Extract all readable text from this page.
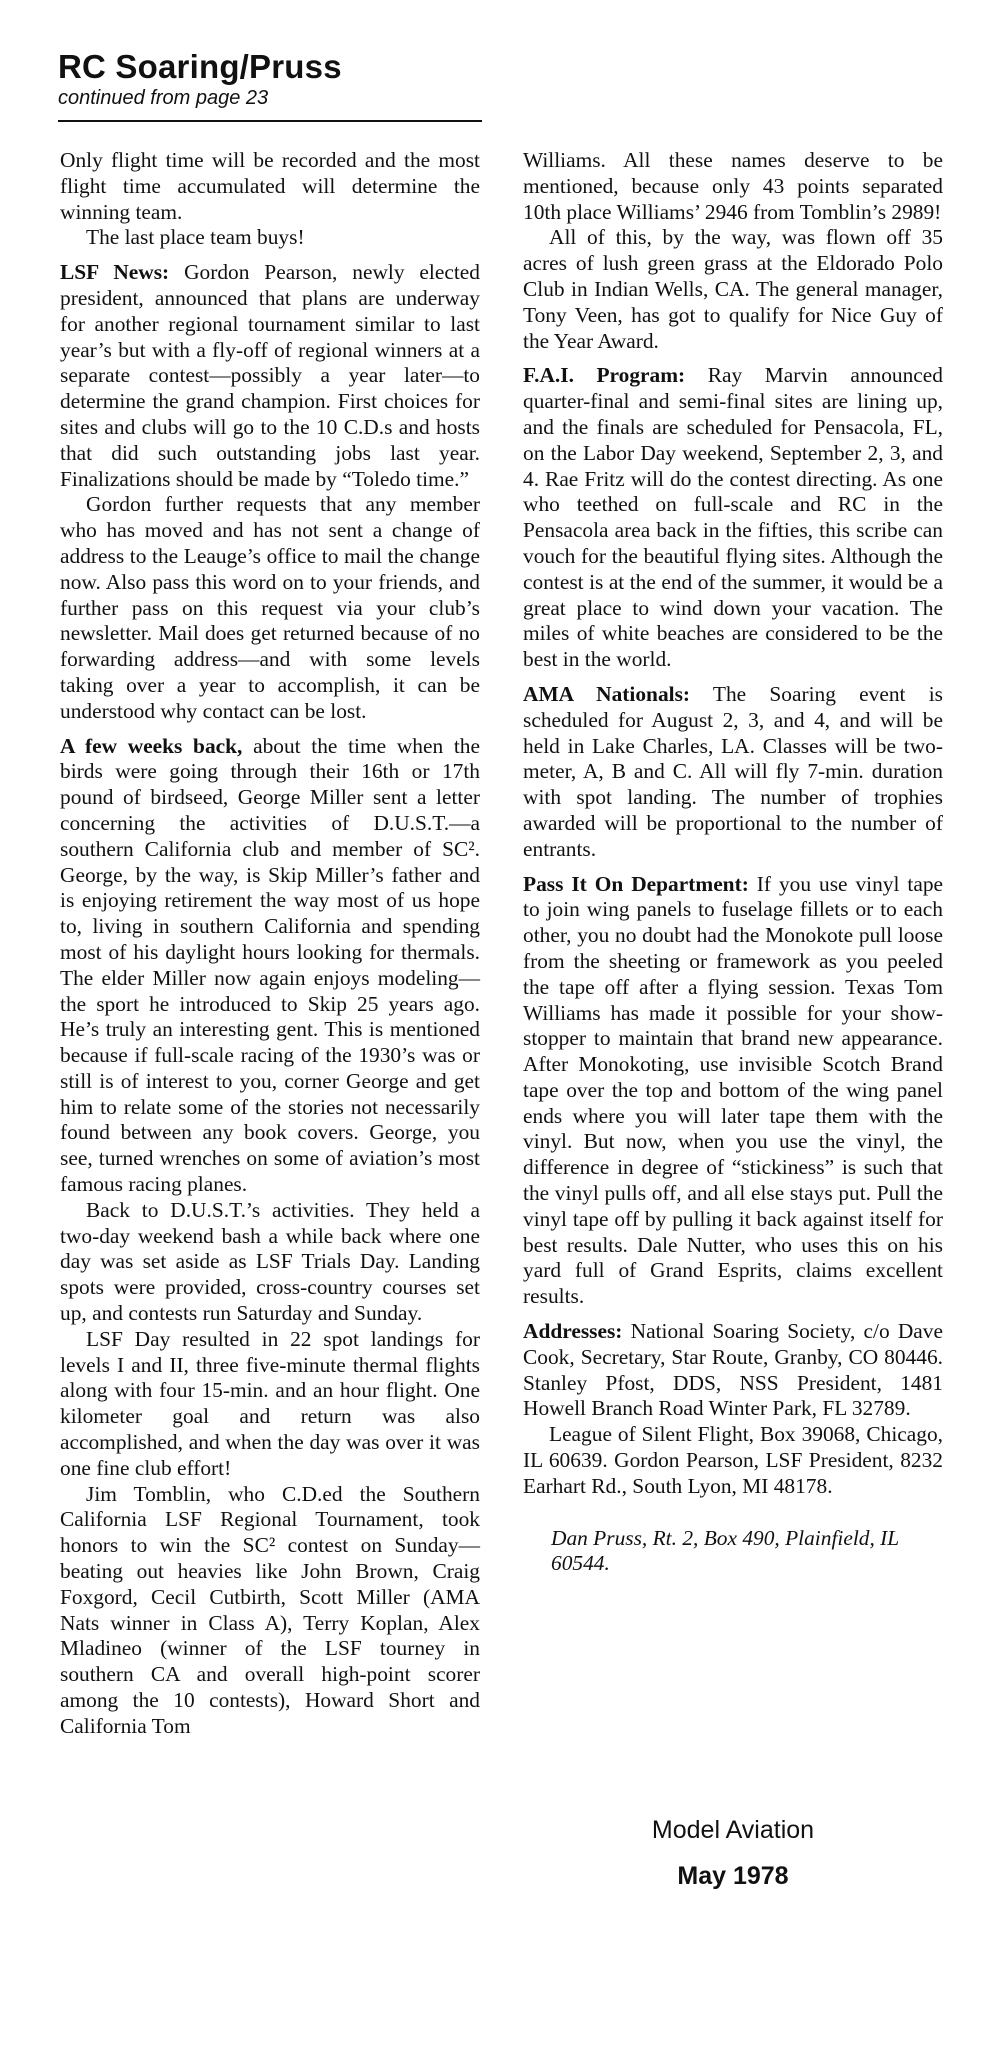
RC Soaring/Pruss
continued from page 23

Only flight time will be recorded and the most flight time accumulated will determine the winning team.

The last place team buys!

LSF News: Gordon Pearson, newly elected president, announced that plans are underway for another regional tournament similar to last year’s but with a fly-off of regional winners at a separate contest—possibly a year later—to determine the grand champion. First choices for sites and clubs will go to the 10 C.D.s and hosts that did such outstanding jobs last year. Finalizations should be made by “Toledo time.”

Gordon further requests that any member who has moved and has not sent a change of address to the Leauge’s office to mail the change now. Also pass this word on to your friends, and further pass on this request via your club’s newsletter. Mail does get returned because of no forwarding address—and with some levels taking over a year to accomplish, it can be understood why contact can be lost.

A few weeks back, about the time when the birds were going through their 16th or 17th pound of birdseed, George Miller sent a letter concerning the activities of D.U.S.T.—a southern California club and member of SC². George, by the way, is Skip Miller’s father and is enjoying retirement the way most of us hope to, living in southern California and spending most of his daylight hours looking for thermals. The elder Miller now again enjoys modeling—the sport he introduced to Skip 25 years ago. He’s truly an interesting gent. This is mentioned because if full-scale racing of the 1930’s was or still is of interest to you, corner George and get him to relate some of the stories not necessarily found between any book covers. George, you see, turned wrenches on some of aviation’s most famous racing planes.

Back to D.U.S.T.’s activities. They held a two-day weekend bash a while back where one day was set aside as LSF Trials Day. Landing spots were provided, cross-country courses set up, and contests run Saturday and Sunday.

LSF Day resulted in 22 spot landings for levels I and II, three five-minute thermal flights along with four 15-min. and an hour flight. One kilometer goal and return was also accomplished, and when the day was over it was one fine club effort!

Jim Tomblin, who C.D.ed the Southern California LSF Regional Tournament, took honors to win the SC² contest on Sunday—beating out heavies like John Brown, Craig Foxgord, Cecil Cutbirth, Scott Miller (AMA Nats winner in Class A), Terry Koplan, Alex Mladineo (winner of the LSF tourney in southern CA and overall high-point scorer among the 10 contests), Howard Short and California Tom

Williams. All these names deserve to be mentioned, because only 43 points separated 10th place Williams’ 2946 from Tomblin’s 2989!

All of this, by the way, was flown off 35 acres of lush green grass at the Eldorado Polo Club in Indian Wells, CA. The general manager, Tony Veen, has got to qualify for Nice Guy of the Year Award.

F.A.I. Program: Ray Marvin announced quarter-final and semi-final sites are lining up, and the finals are scheduled for Pensacola, FL, on the Labor Day weekend, September 2, 3, and 4. Rae Fritz will do the contest directing. As one who teethed on full-scale and RC in the Pensacola area back in the fifties, this scribe can vouch for the beautiful flying sites. Although the contest is at the end of the summer, it would be a great place to wind down your vacation. The miles of white beaches are considered to be the best in the world.

AMA Nationals: The Soaring event is scheduled for August 2, 3, and 4, and will be held in Lake Charles, LA. Classes will be two-meter, A, B and C. All will fly 7-min. duration with spot landing. The number of trophies awarded will be proportional to the number of entrants.

Pass It On Department: If you use vinyl tape to join wing panels to fuselage fillets or to each other, you no doubt had the Monokote pull loose from the sheeting or framework as you peeled the tape off after a flying session. Texas Tom Williams has made it possible for your show-stopper to maintain that brand new appearance. After Monokoting, use invisible Scotch Brand tape over the top and bottom of the wing panel ends where you will later tape them with the vinyl. But now, when you use the vinyl, the difference in degree of “stickiness” is such that the vinyl pulls off, and all else stays put. Pull the vinyl tape off by pulling it back against itself for best results. Dale Nutter, who uses this on his yard full of Grand Esprits, claims excellent results.

Addresses: National Soaring Society, c/o Dave Cook, Secretary, Star Route, Granby, CO 80446. Stanley Pfost, DDS, NSS President, 1481 Howell Branch Road Winter Park, FL 32789.

League of Silent Flight, Box 39068, Chicago, IL 60639. Gordon Pearson, LSF President, 8232 Earhart Rd., South Lyon, MI 48178.

Dan Pruss, Rt. 2, Box 490, Plainfield, IL 60544.

Model Aviation
May 1978
